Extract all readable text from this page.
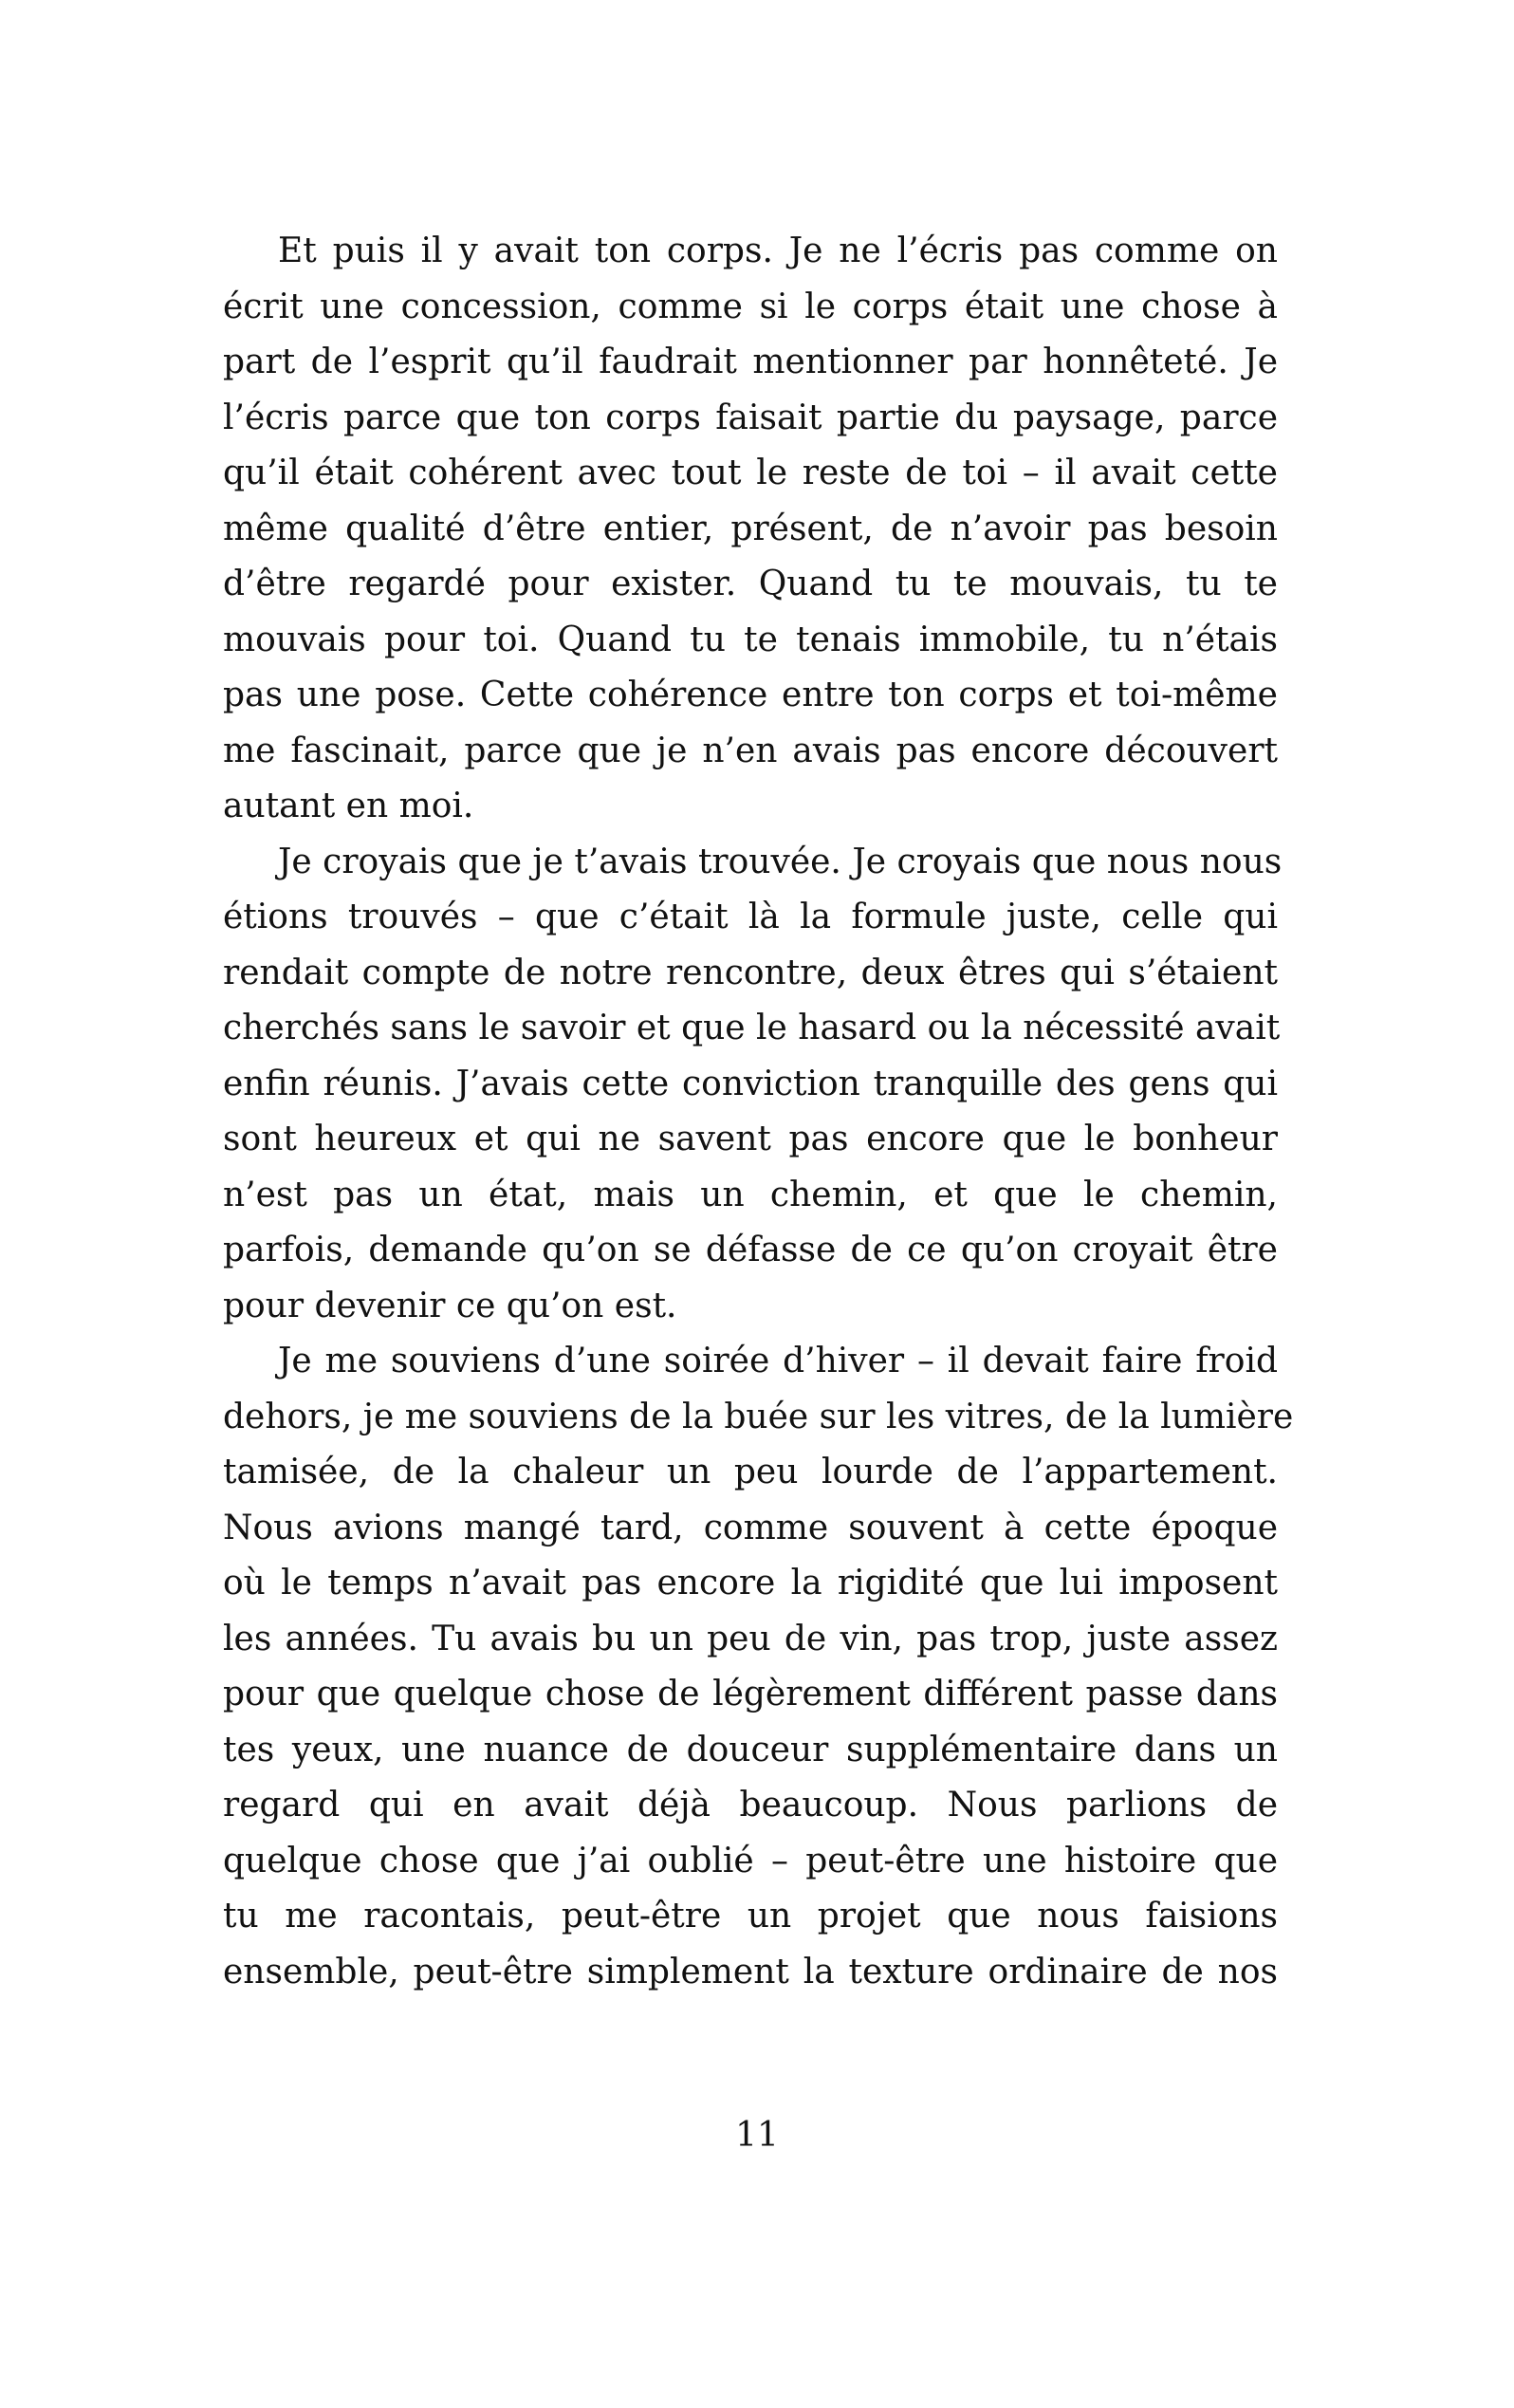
Et puis il y avait ton corps. Je ne l’écris pas comme on
écrit une concession, comme si le corps était une chose à
part de l’esprit qu’il faudrait mentionner par honnêteté. Je
l’écris parce que ton corps faisait partie du paysage, parce
qu’il était cohérent avec tout le reste de toi – il avait cette
même qualité d’être entier, présent, de n’avoir pas besoin
d’être regardé pour exister. Quand tu te mouvais, tu te
mouvais pour toi. Quand tu te tenais immobile, tu n’étais
pas une pose. Cette cohérence entre ton corps et toi-même
me fascinait, parce que je n’en avais pas encore découvert
autant en moi.
Je croyais que je t’avais trouvée. Je croyais que nous nous
étions trouvés – que c’était là la formule juste, celle qui
rendait compte de notre rencontre, deux êtres qui s’étaient
cherchés sans le savoir et que le hasard ou la nécessité avait
enfin réunis. J’avais cette conviction tranquille des gens qui
sont heureux et qui ne savent pas encore que le bonheur
n’est pas un état, mais un chemin, et que le chemin,
parfois, demande qu’on se défasse de ce qu’on croyait être
pour devenir ce qu’on est.
Je me souviens d’une soirée d’hiver – il devait faire froid
dehors, je me souviens de la buée sur les vitres, de la lumière
tamisée, de la chaleur un peu lourde de l’appartement.
Nous avions mangé tard, comme souvent à cette époque
où le temps n’avait pas encore la rigidité que lui imposent
les années. Tu avais bu un peu de vin, pas trop, juste assez
pour que quelque chose de légèrement différent passe dans
tes yeux, une nuance de douceur supplémentaire dans un
regard qui en avait déjà beaucoup. Nous parlions de
quelque chose que j’ai oublié – peut-être une histoire que
tu me racontais, peut-être un projet que nous faisions
ensemble, peut-être simplement la texture ordinaire de nos
11
